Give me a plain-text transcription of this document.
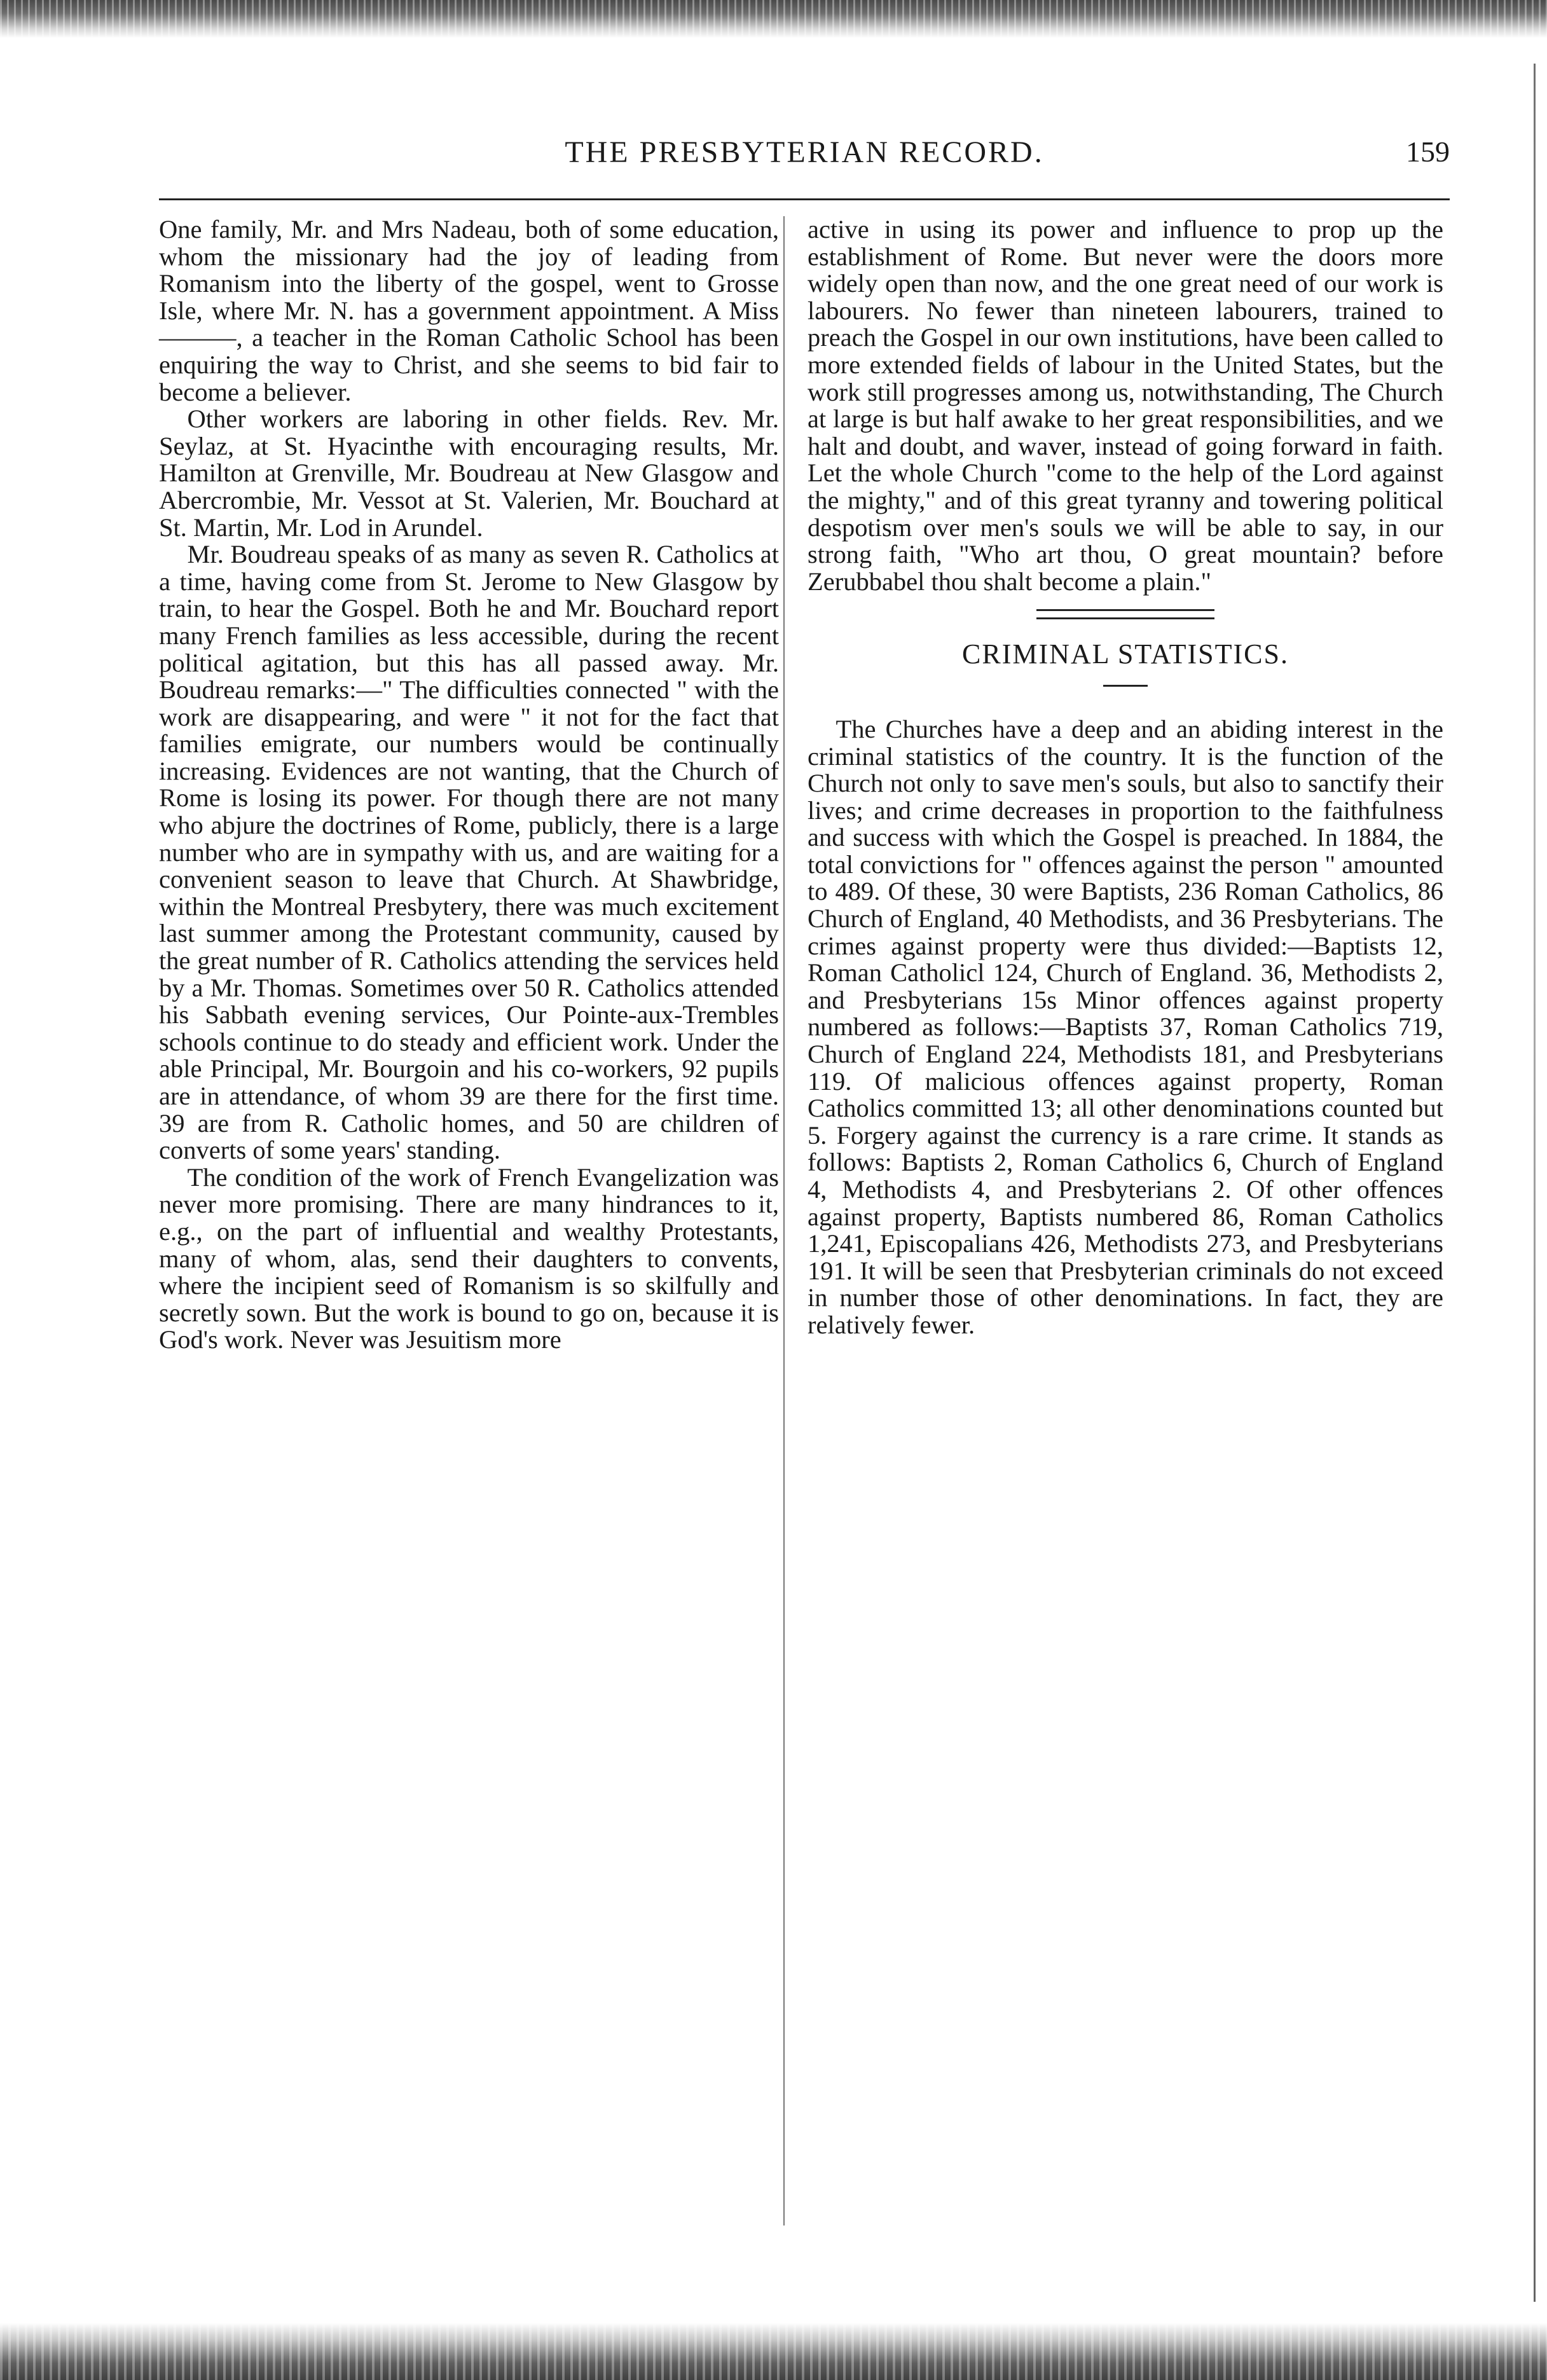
THE PRESBYTERIAN RECORD.	159

One family, Mr. and Mrs Nadeau, both of some education, whom the missionary had the joy of leading from Romanism into the liberty of the gospel, went to Grosse Isle, where Mr. N. has a government appointment. A Miss———, a teacher in the Roman Catholic School has been enquiring the way to Christ, and she seems to bid fair to become a believer.

Other workers are laboring in other fields. Rev. Mr. Seylaz, at St. Hyacinthe with encouraging results, Mr. Hamilton at Grenville, Mr. Boudreau at New Glasgow and Abercrombie, Mr. Vessot at St. Valerien, Mr. Bouchard at St. Martin, Mr. Lod in Arundel.

Mr. Boudreau speaks of as many as seven R. Catholics at a time, having come from St. Jerome to New Glasgow by train, to hear the Gospel. Both he and Mr. Bouchard report many French families as less accessible, during the recent political agitation, but this has all passed away. Mr. Boudreau remarks:—" The difficulties connected " with the work are disappearing, and were " it not for the fact that families emigrate, our numbers would be continually increasing. Evidences are not wanting, that the Church of Rome is losing its power. For though there are not many who abjure the doctrines of Rome, publicly, there is a large number who are in sympathy with us, and are waiting for a convenient season to leave that Church. At Shawbridge, within the Montreal Presbytery, there was much excitement last summer among the Protestant community, caused by the great number of R. Catholics attending the services held by a Mr. Thomas. Sometimes over 50 R. Catholics attended his Sabbath evening services, Our Pointe-aux-Trembles schools continue to do steady and efficient work. Under the able Principal, Mr. Bourgoin and his co-workers, 92 pupils are in attendance, of whom 39 are there for the first time. 39 are from R. Catholic homes, and 50 are children of converts of some years' standing.

The condition of the work of French Evangelization was never more promising. There are many hindrances to it, e.g., on the part of influential and wealthy Protestants, many of whom, alas, send their daughters to convents, where the incipient seed of Romanism is so skilfully and secretly sown. But the work is bound to go on, because it is God's work. Never was Jesuitism more

active in using its power and influence to prop up the establishment of Rome. But never were the doors more widely open than now, and the one great need of our work is labourers. No fewer than nineteen labourers, trained to preach the Gospel in our own institutions, have been called to more extended fields of labour in the United States, but the work still progresses among us, notwithstanding, The Church at large is but half awake to her great responsibilities, and we halt and doubt, and waver, instead of going forward in faith. Let the whole Church "come to the help of the Lord against the mighty," and of this great tyranny and towering political despotism over men's souls we will be able to say, in our strong faith, "Who art thou, O great mountain? before Zerubbabel thou shalt become a plain."

CRIMINAL STATISTICS.

The Churches have a deep and an abiding interest in the criminal statistics of the country. It is the function of the Church not only to save men's souls, but also to sanctify their lives; and crime decreases in proportion to the faithfulness and success with which the Gospel is preached. In 1884, the total convictions for " offences against the person " amounted to 489. Of these, 30 were Baptists, 236 Roman Catholics, 86 Church of England, 40 Methodists, and 36 Presbyterians. The crimes against property were thus divided:—Baptists 12, Roman Catholicl 124, Church of England. 36, Methodists 2, and Presbyterians 15s Minor offences against property numbered as follows:—Baptists 37, Roman Catholics 719, Church of England 224, Methodists 181, and Presbyterians 119. Of malicious offences against property, Roman Catholics committed 13; all other denominations counted but 5. Forgery against the currency is a rare crime. It stands as follows: Baptists 2, Roman Catholics 6, Church of England 4, Methodists 4, and Presbyterians 2. Of other offences against property, Baptists numbered 86, Roman Catholics 1,241, Episcopalians 426, Methodists 273, and Presbyterians 191. It will be seen that Presbyterian criminals do not exceed in number those of other denominations. In fact, they are relatively fewer.
